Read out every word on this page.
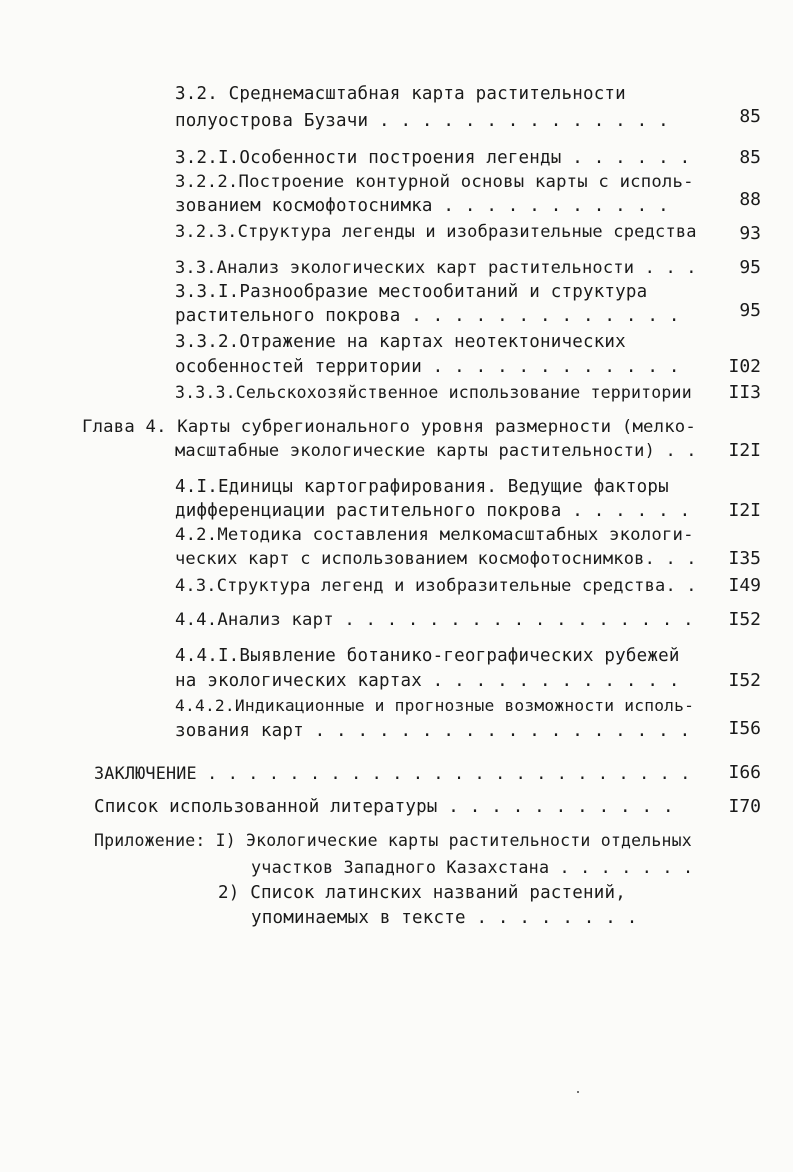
3.2. Среднемасштабная карта растительности
полуострова Бузачи . . . . . . . . . . . . . .	85
3.2.I.Особенности построения легенды . . . . . .	85
3.2.2.Построение контурной основы карты с исполь-
зованием космофотоснимка . . . . . . . . . . .	88
3.2.3.Структура легенды и изобразительные средства	93
3.3.Анализ экологических карт растительности . . .	95
3.3.I.Разнообразие местообитаний и структура
растительного покрова . . . . . . . . . . . . .	95
3.3.2.Отражение на картах неотектонических
особенностей территории . . . . . . . . . . . .	I02
3.3.3.Сельскохозяйственное использование территории	II3
Глава 4. Карты субрегионального уровня размерности (мелко-
масштабные экологические карты растительности) . .	I2I
4.I.Единицы картографирования. Ведущие факторы
дифференциации растительного покрова . . . . . .	I2I
4.2.Методика составления мелкомасштабных экологи-
ческих карт с использованием космофотоснимков. . .	I35
4.3.Структура легенд и изобразительные средства. .	I49
4.4.Анализ карт . . . . . . . . . . . . . . . . .	I52
4.4.I.Выявление ботанико-географических рубежей
на экологических картах . . . . . . . . . . . .	I52
4.4.2.Индикационные и прогнозные возможности исполь-
зования карт . . . . . . . . . . . . . . . . . .	I56
ЗАКЛЮЧЕНИЕ . . . . . . . . . . . . . . . . . . . . . . . .	I66
Список использованной литературы . . . . . . . . . . .	I70
Приложение: I) Экологические карты растительности отдельных
участков Западного Казахстана . . . . . . .
2) Список латинских названий растений,
упоминаемых в тексте . . . . . . . .
